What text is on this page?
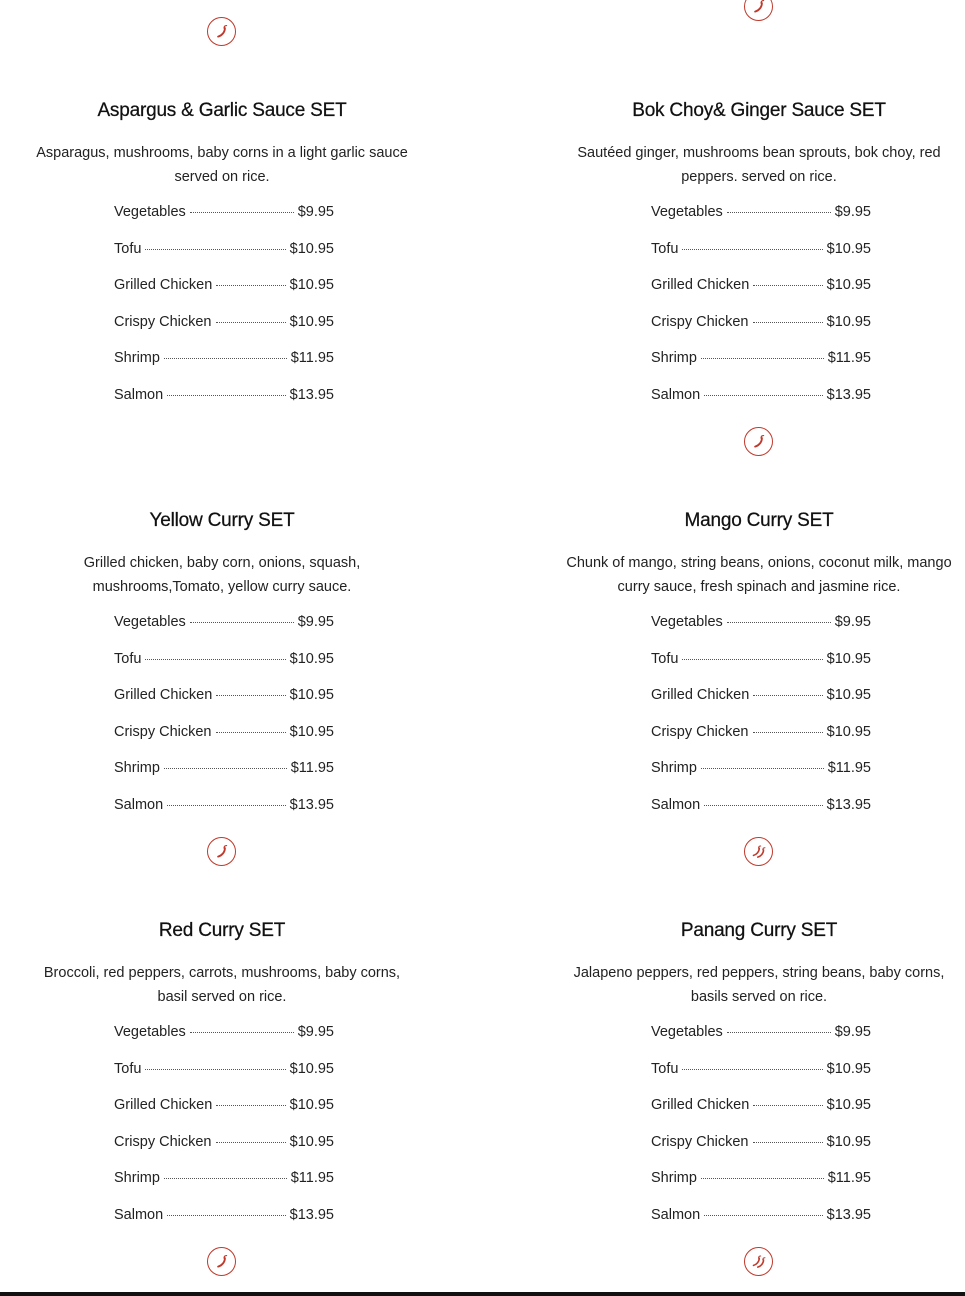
Aspargus & Garlic Sauce SET
Asparagus, mushrooms, baby corns in a light garlic sauce served on rice.
Vegetables	$9.95
Tofu	$10.95
Grilled Chicken	$10.95
Crispy Chicken	$10.95
Shrimp	$11.95
Salmon	$13.95
Bok Choy& Ginger Sauce SET
Sautéed ginger, mushrooms bean sprouts, bok choy, red peppers. served on rice.
Vegetables	$9.95
Tofu	$10.95
Grilled Chicken	$10.95
Crispy Chicken	$10.95
Shrimp	$11.95
Salmon	$13.95
Yellow Curry SET
Grilled chicken, baby corn, onions, squash, mushrooms,Tomato, yellow curry sauce.
Vegetables	$9.95
Tofu	$10.95
Grilled Chicken	$10.95
Crispy Chicken	$10.95
Shrimp	$11.95
Salmon	$13.95
Mango Curry SET
Chunk of mango, string beans, onions, coconut milk, mango curry sauce, fresh spinach and jasmine rice.
Vegetables	$9.95
Tofu	$10.95
Grilled Chicken	$10.95
Crispy Chicken	$10.95
Shrimp	$11.95
Salmon	$13.95
Red Curry SET
Broccoli, red peppers, carrots, mushrooms, baby corns, basil served on rice.
Vegetables	$9.95
Tofu	$10.95
Grilled Chicken	$10.95
Crispy Chicken	$10.95
Shrimp	$11.95
Salmon	$13.95
Panang Curry SET
Jalapeno peppers, red peppers, string beans, baby corns, basils served on rice.
Vegetables	$9.95
Tofu	$10.95
Grilled Chicken	$10.95
Crispy Chicken	$10.95
Shrimp	$11.95
Salmon	$13.95
